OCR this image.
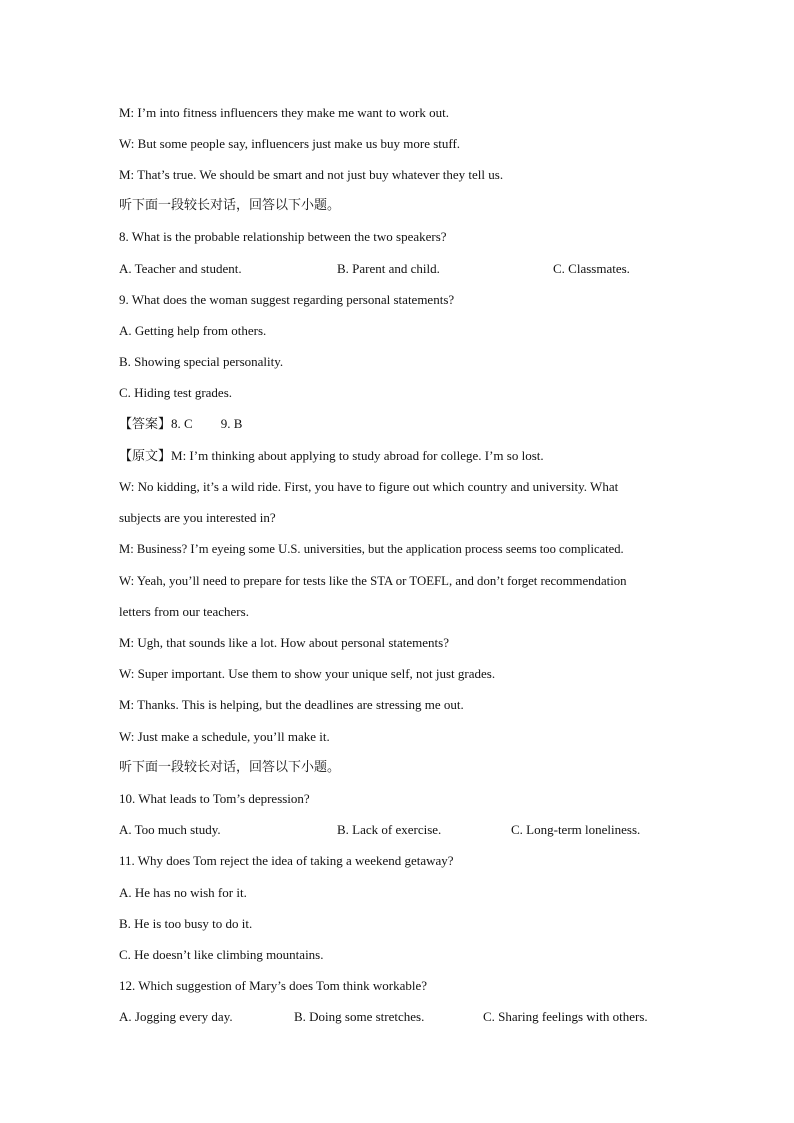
M: I’m into fitness influencers they make me want to work out.
W: But some people say, influencers just make us buy more stuff.
M: That’s true. We should be smart and not just buy whatever they tell us.
听下面一段较长对话，回答以下小题。
8. What is the probable relationship between the two speakers?
A. Teacher and student.	B. Parent and child.	C. Classmates.
9. What does the woman suggest regarding personal statements?
A. Getting help from others.
B. Showing special personality.
C. Hiding test grades.
【答案】8. C 9. B
【原文】M: I’m thinking about applying to study abroad for college. I’m so lost.
W: No kidding, it’s a wild ride. First, you have to figure out which country and university. What
subjects are you interested in?
M: Business? I’m eyeing some U.S. universities, but the application process seems too complicated.
W: Yeah, you’ll need to prepare for tests like the STA or TOEFL, and don’t forget recommendation
letters from our teachers.
M: Ugh, that sounds like a lot. How about personal statements?
W: Super important. Use them to show your unique self, not just grades.
M: Thanks. This is helping, but the deadlines are stressing me out.
W: Just make a schedule, you’ll make it.
听下面一段较长对话，回答以下小题。
10. What leads to Tom’s depression?
A. Too much study.	B. Lack of exercise.	C. Long-term loneliness.
11. Why does Tom reject the idea of taking a weekend getaway?
A. He has no wish for it.
B. He is too busy to do it.
C. He doesn’t like climbing mountains.
12. Which suggestion of Mary’s does Tom think workable?
A. Jogging every day.	B. Doing some stretches.	C. Sharing feelings with others.
